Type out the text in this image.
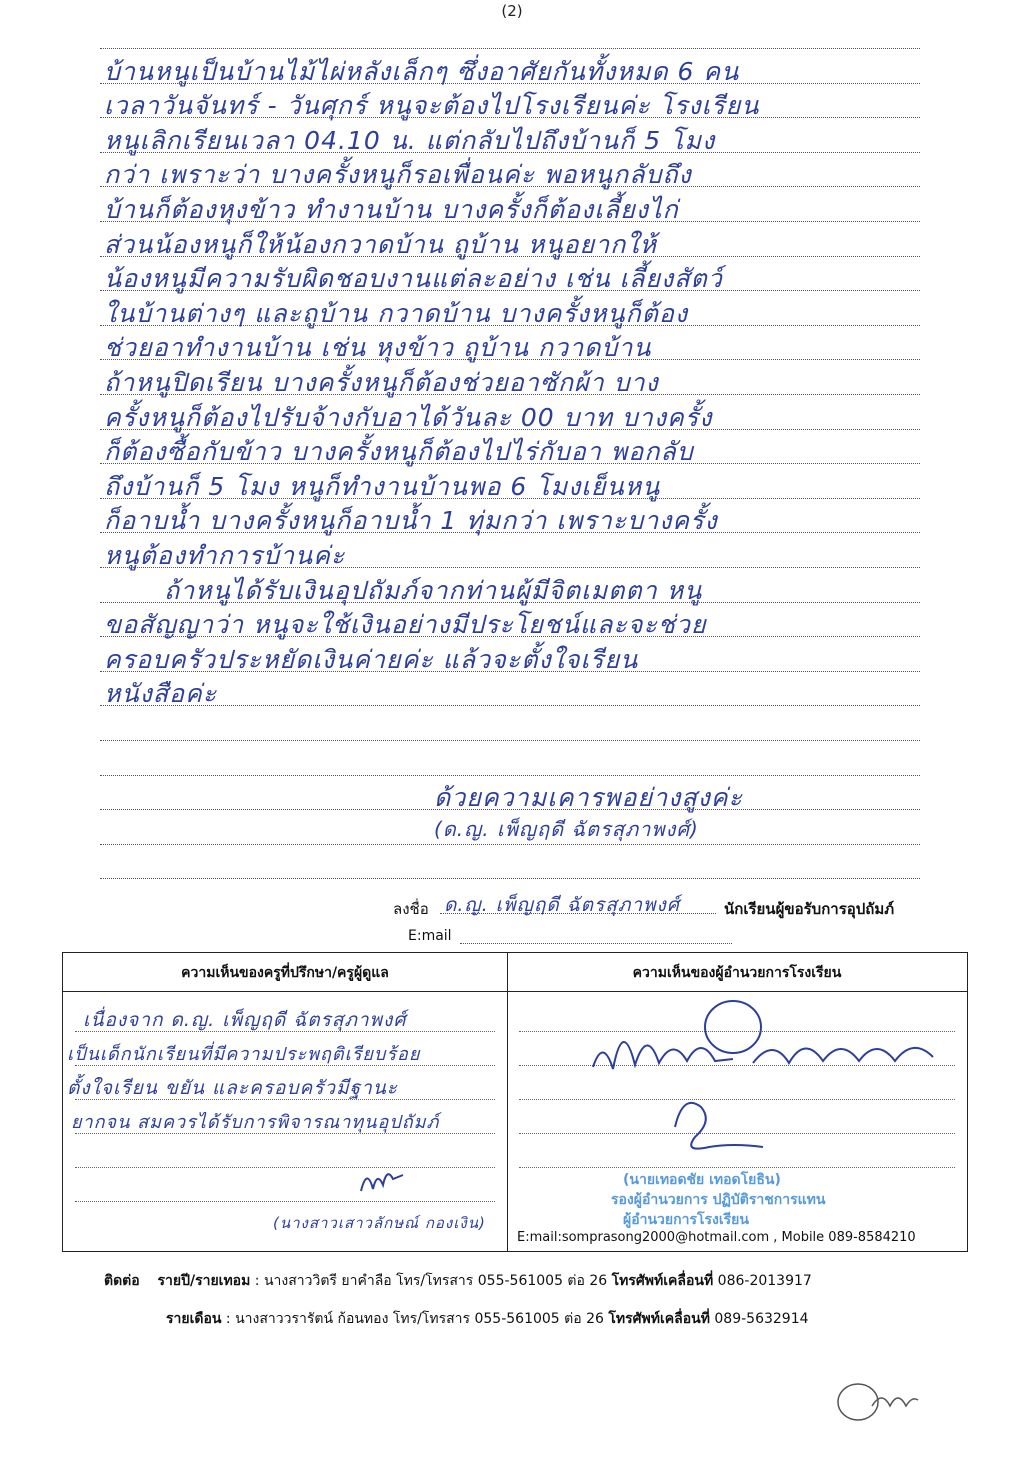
(2)
บ้านหนูเป็นบ้านไม้ไผ่หลังเล็กๆ ซึ่งอาศัยกันทั้งหมด 6 คน
เวลาวันจันทร์ - วันศุกร์ หนูจะต้องไปโรงเรียนค่ะ โรงเรียน
หนูเลิกเรียนเวลา 04.10 น. แต่กลับไปถึงบ้านก็ 5 โมง
กว่า เพราะว่า บางครั้งหนูก็รอเพื่อนค่ะ พอหนูกลับถึง
บ้านก็ต้องหุงข้าว ทำงานบ้าน บางครั้งก็ต้องเลี้ยงไก่
ส่วนน้องหนูก็ให้น้องกวาดบ้าน ถูบ้าน หนูอยากให้
น้องหนูมีความรับผิดชอบงานแต่ละอย่าง เช่น เลี้ยงสัตว์
ในบ้านต่างๆ และถูบ้าน กวาดบ้าน บางครั้งหนูก็ต้อง
ช่วยอาทำงานบ้าน เช่น หุงข้าว ถูบ้าน กวาดบ้าน
ถ้าหนูปิดเรียน บางครั้งหนูก็ต้องช่วยอาซักผ้า บาง
ครั้งหนูก็ต้องไปรับจ้างกับอาได้วันละ 00 บาท บางครั้ง
ก็ต้องซื้อกับข้าว บางครั้งหนูก็ต้องไปไร่กับอา พอกลับ
ถึงบ้านก็ 5 โมง หนูก็ทำงานบ้านพอ 6 โมงเย็นหนู
ก็อาบน้ำ บางครั้งหนูก็อาบน้ำ 1 ทุ่มกว่า เพราะบางครั้ง
หนูต้องทำการบ้านค่ะ
ถ้าหนูได้รับเงินอุปถัมภ์จากท่านผู้มีจิตเมตตา หนู
ขอสัญญาว่า หนูจะใช้เงินอย่างมีประโยชน์และจะช่วย
ครอบครัวประหยัดเงินค่ายค่ะ แล้วจะตั้งใจเรียน
หนังสือค่ะ
ด้วยความเคารพอย่างสูงค่ะ
(ด.ญ. เพ็ญฤดี ฉัตรสุภาพงศ์)
ลงชื่อ ด.ญ. เพ็ญฤดี ฉัตรสุภาพงศ์	นักเรียนผู้ขอรับการอุปถัมภ์
E:mail
ความเห็นของครูที่ปรึกษา/ครูผู้ดูแล	ความเห็นของผู้อำนวยการโรงเรียน
เนื่องจาก ด.ญ. เพ็ญฤดี ฉัตรสุภาพงศ์
เป็นเด็กนักเรียนที่มีความประพฤติเรียบร้อย
ตั้งใจเรียน ขยัน และครอบครัวมีฐานะ
ยากจน สมควรได้รับการพิจารณาทุนอุปถัมภ์
(นางสาวเสาวลักษณ์ กองเงิน)
(นายเทอดชัย เทอดโยธิน)
รองผู้อำนวยการ ปฏิบัติราชการแทน
ผู้อำนวยการโรงเรียน
E:mail:somprasong2000@hotmail.com , Mobile 089-8584210
ติดต่อ รายปี/รายเทอม : นางสาววิตรี ยาคำลือ โทร/โทรสาร 055-561005 ต่อ 26 โทรศัพท์เคลื่อนที่ 086-2013917
รายเดือน : นางสาววรารัตน์ ก้อนทอง โทร/โทรสาร 055-561005 ต่อ 26 โทรศัพท์เคลื่อนที่ 089-5632914
